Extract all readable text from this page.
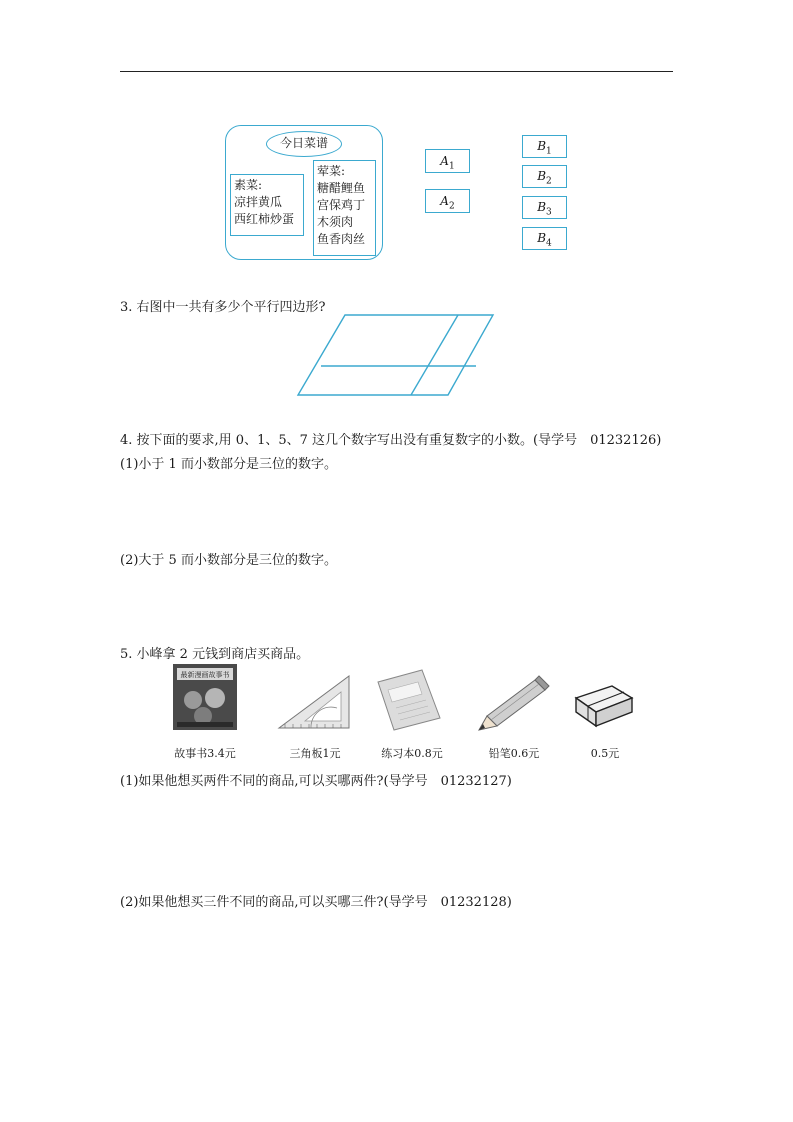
今日菜谱
素菜:
凉拌黄瓜
西红柿炒蛋
荤菜:
糖醋鲤鱼
宫保鸡丁
木须肉
鱼香肉丝
$A_1$
$A_2$
$B_1$
$B_2$
$B_3$
$B_4$
3. 右图中一共有多少个平行四边形?
4. 按下面的要求,用 0、1、5、7 这几个数字写出没有重复数字的小数。(导学号　01232126)
(1)小于 1 而小数部分是三位的数字。
(2)大于 5 而小数部分是三位的数字。
5. 小峰拿 2 元钱到商店买商品。
最新漫画故事书
故事书3.4元	三角板1元	练习本0.8元	铅笔0.6元	0.5元
(1)如果他想买两件不同的商品,可以买哪两件?(导学号　01232127)
(2)如果他想买三件不同的商品,可以买哪三件?(导学号　01232128)
